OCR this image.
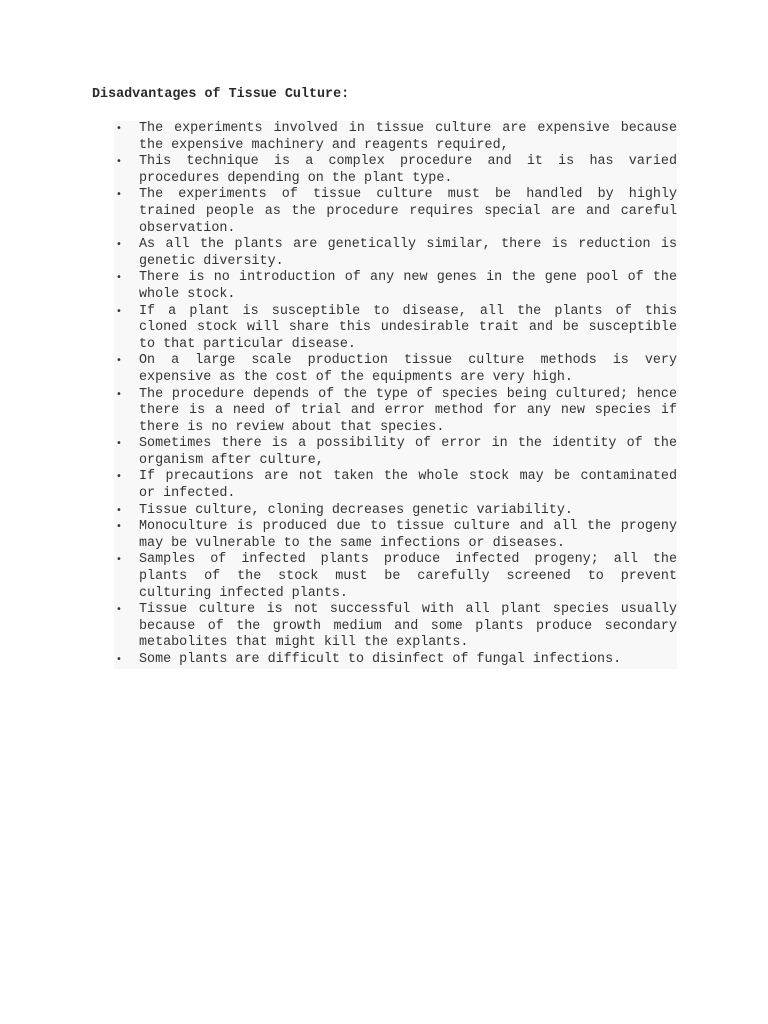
Disadvantages of Tissue Culture:
• The experiments involved in tissue culture are expensive because the expensive machinery and reagents required,
• This technique is a complex procedure and it is has varied procedures depending on the plant type.
• The experiments of tissue culture must be handled by highly trained people as the procedure requires special are and careful observation.
• As all the plants are genetically similar, there is reduction is genetic diversity.
• There is no introduction of any new genes in the gene pool of the whole stock.
• If a plant is susceptible to disease, all the plants of this cloned stock will share this undesirable trait and be susceptible to that particular disease.
• On a large scale production tissue culture methods is very expensive as the cost of the equipments are very high.
• The procedure depends of the type of species being cultured; hence there is a need of trial and error method for any new species if there is no review about that species.
• Sometimes there is a possibility of error in the identity of the organism after culture,
• If precautions are not taken the whole stock may be contaminated or infected.
• Tissue culture, cloning decreases genetic variability.
• Monoculture is produced due to tissue culture and all the progeny may be vulnerable to the same infections or diseases.
• Samples of infected plants produce infected progeny; all the plants of the stock must be carefully screened to prevent culturing infected plants.
• Tissue culture is not successful with all plant species usually because of the growth medium and some plants produce secondary metabolites that might kill the explants.
• Some plants are difficult to disinfect of fungal infections.
